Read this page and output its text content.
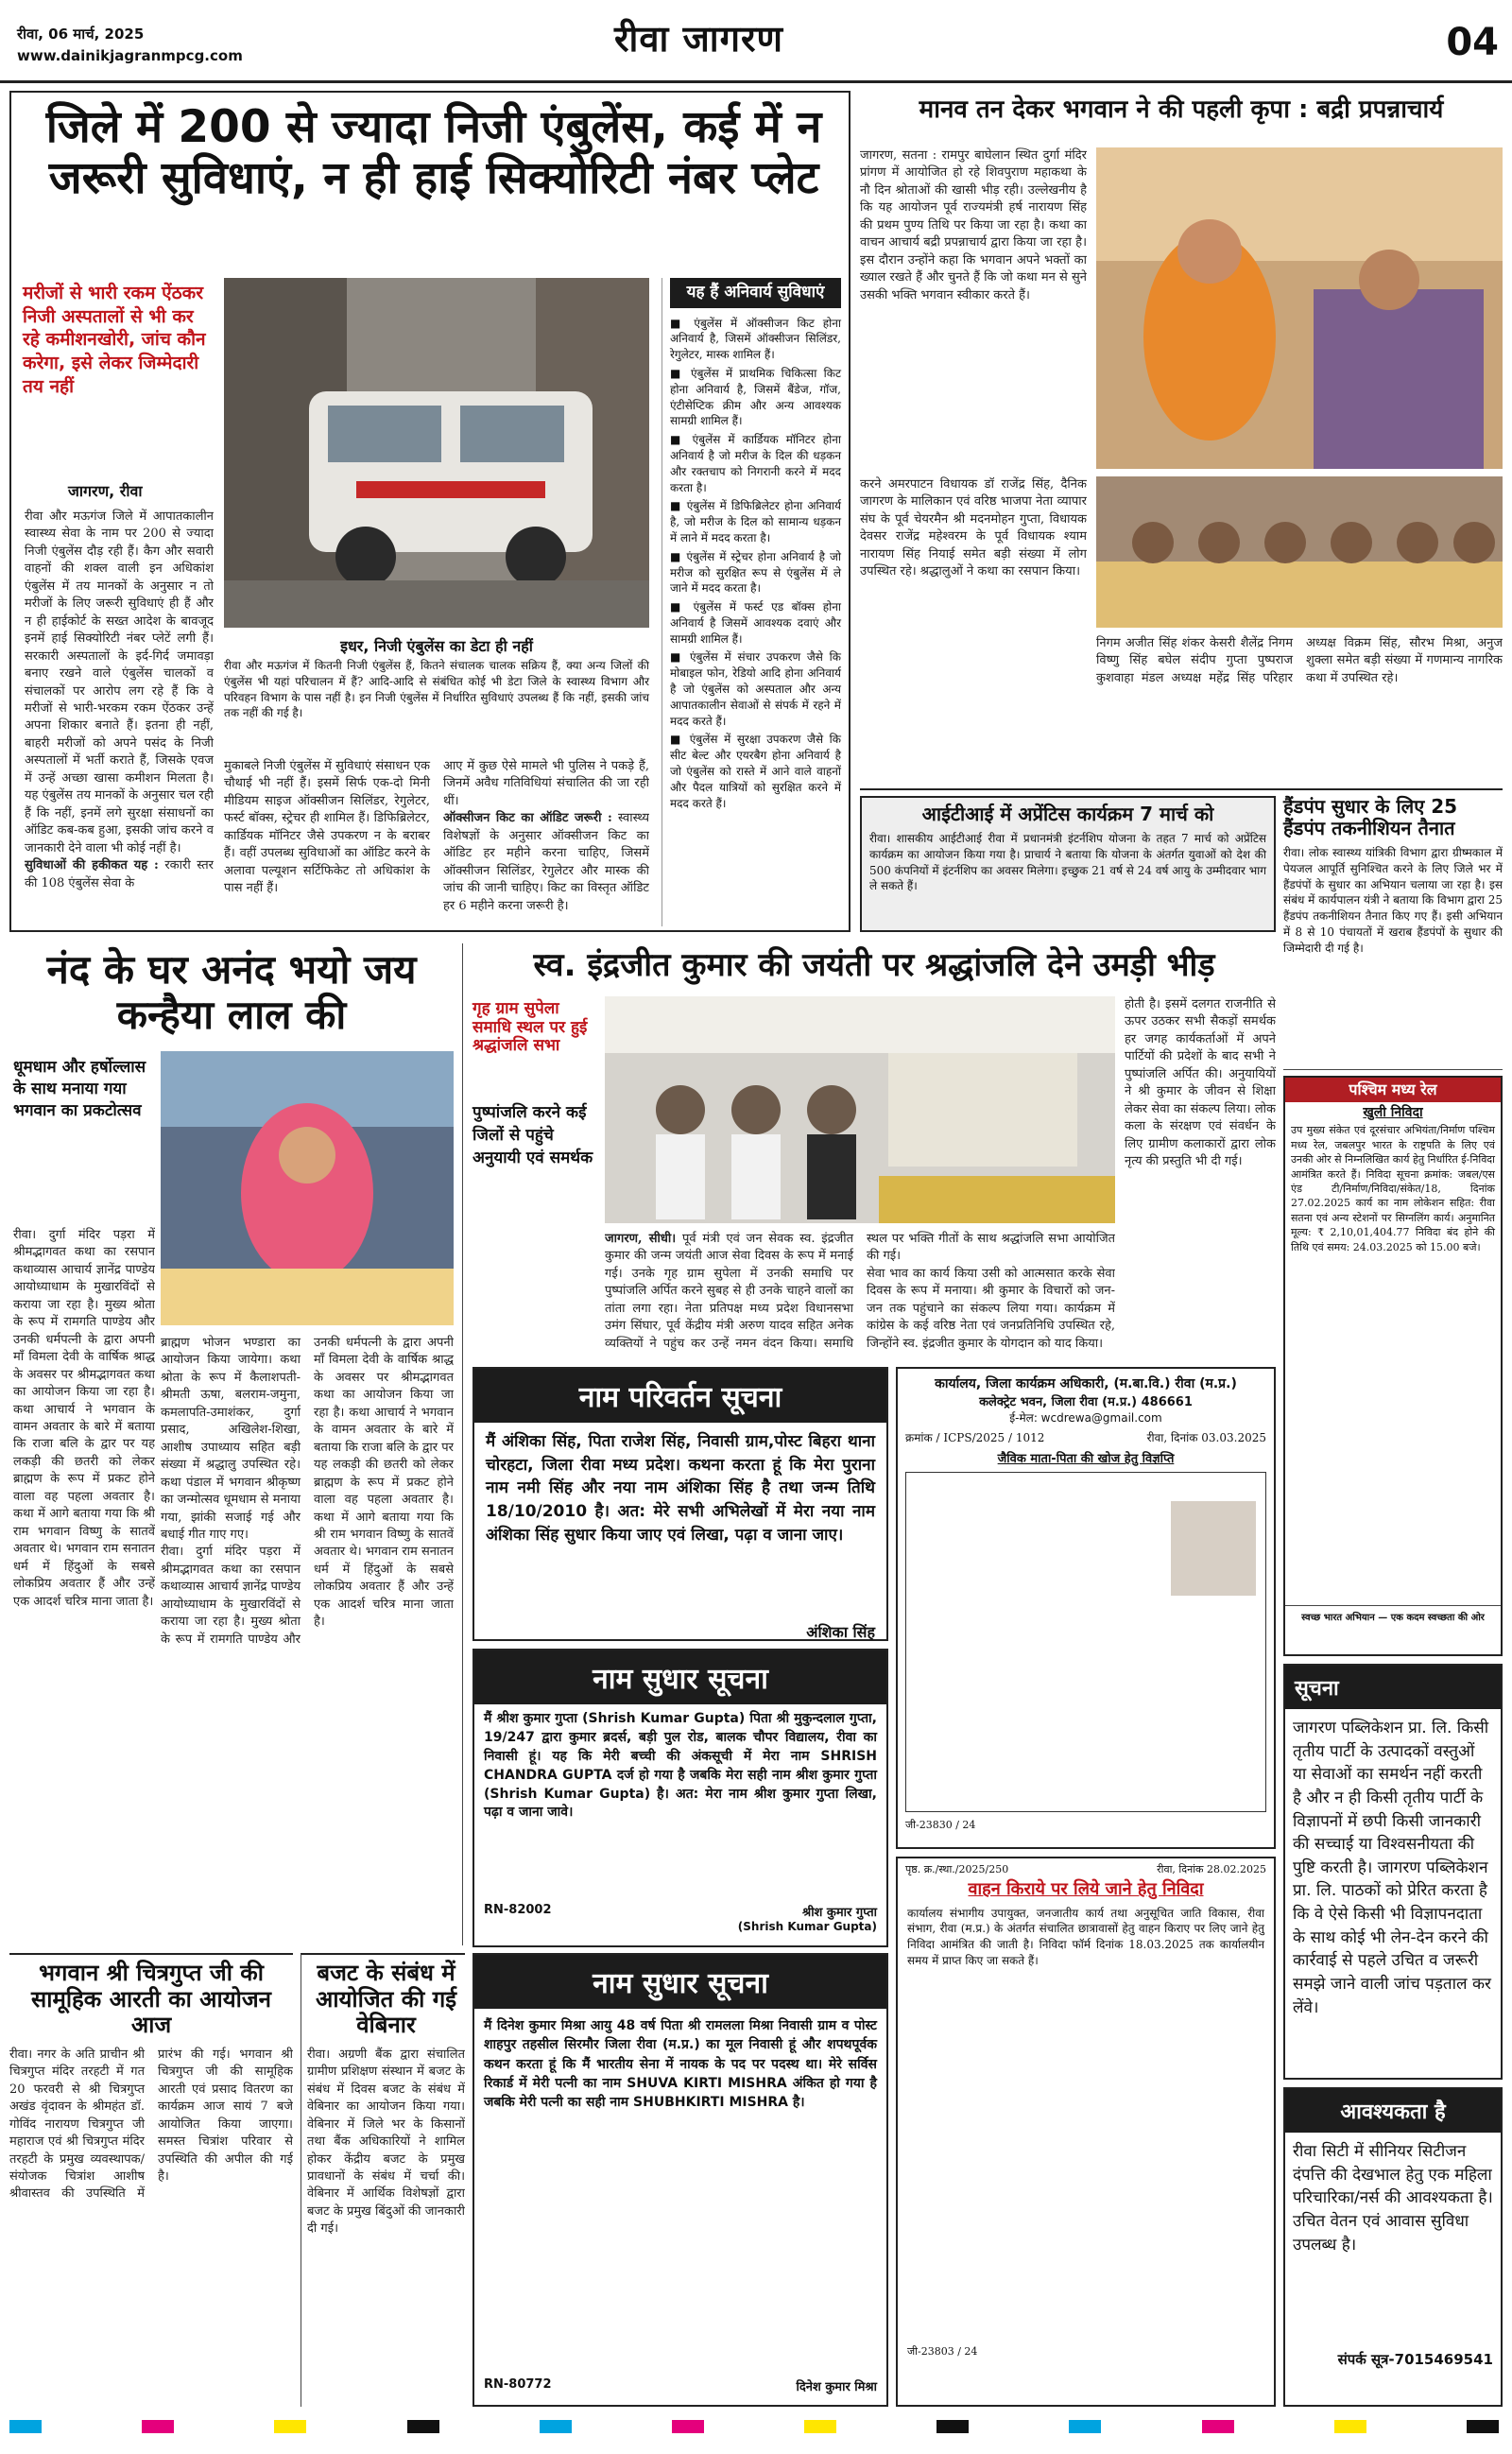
रीवा, 06 मार्च, 2025
www.dainikjagranmpcg.com	रीवा जागरण	04
जिले में 200 से ज्यादा निजी एंबुलेंस, कई में न जरूरी सुविधाएं, न ही हाई सिक्योरिटी नंबर प्लेट
मरीजों से भारी रकम ऐंठकर निजी अस्पतालों से भी कर रहे कमीशनखोरी, जांच कौन करेगा, इसे लेकर जिम्मेदारी तय नहीं
जागरण, रीवा

रीवा और मऊगंज जिले में आपातकालीन स्वास्थ्य सेवा के नाम पर 200 से ज्यादा निजी एंबुलेंस दौड़ रही हैं। कैग और सवारी वाहनों की शक्ल वाली इन अधिकांश एंबुलेंस में तय मानकों के अनुसार न तो मरीजों के लिए जरूरी सुविधाएं ही हैं और न ही हाईकोर्ट के सख्त आदेश के बावजूद इनमें हाई सिक्योरिटी नंबर प्लेटें लगी हैं। सरकारी अस्पतालों के इर्द-गिर्द जमावड़ा बनाए रखने वाले एंबुलेंस चालकों व संचालकों पर आरोप लग रहे हैं कि वे मरीजों से भारी-भरकम रकम ऐंठकर उन्हें अपना शिकार बनाते हैं। इतना ही नहीं, बाहरी मरीजों को अपने पसंद के निजी अस्पतालों में भर्ती कराते हैं, जिसके एवज में उन्हें अच्छा खासा कमीशन मिलता है। यह एंबुलेंस तय मानकों के अनुसार चल रही हैं कि नहीं, इनमें लगे सुरक्षा संसाधनों का ऑडिट कब-कब हुआ, इसकी जांच करने व जानकारी देने वाला भी कोई नहीं है।

सुविधाओं की हकीकत यह : रकारी स्तर की 108 एंबुलेंस सेवा के

इधर, निजी एंबुलेंस का डेटा ही नहीं
रीवा और मऊगंज में कितनी निजी एंबुलेंस हैं, कितने संचालक चालक सक्रिय हैं, क्या अन्य जिलों की एंबुलेंस भी यहां परिचालन में हैं? आदि-आदि से संबंधित कोई भी डेटा जिले के स्वास्थ्य विभाग और परिवहन विभाग के पास नहीं है। इन निजी एंबुलेंस में निर्धारित सुविधाएं उपलब्ध हैं कि नहीं, इसकी जांच तक नहीं की गई है।

मुकाबले निजी एंबुलेंस में सुविधाएं संसाधन एक चौथाई भी नहीं हैं। इसमें सिर्फ एक-दो मिनी मीडियम साइज ऑक्सीजन सिलिंडर, रेगुलेटर, फर्स्ट बॉक्स, स्ट्रेचर ही शामिल हैं। डिफिब्रिलेटर, कार्डियक मॉनिटर जैसे उपकरण न के बराबर हैं। वहीं उपलब्ध सुविधाओं का ऑडिट करने के अलावा पल्यूशन सर्टिफिकेट तो अधिकांश के पास नहीं हैं।

आए में कुछ ऐसे मामले भी पुलिस ने पकड़े हैं, जिनमें अवैध गतिविधियां संचालित की जा रही थीं।

ऑक्सीजन किट का ऑडिट जरूरी : स्वास्थ्य विशेषज्ञों के अनुसार ऑक्सीजन किट का ऑडिट हर महीने करना चाहिए, जिसमें ऑक्सीजन सिलिंडर, रेगुलेटर और मास्क की जांच की जानी चाहिए। किट का विस्तृत ऑडिट हर 6 महीने करना जरूरी है।

यह हैं अनिवार्य सुविधाएं
■ एंबुलेंस में ऑक्सीजन किट होना अनिवार्य है, जिसमें ऑक्सीजन सिलिंडर, रेगुलेटर, मास्क शामिल हैं।
■ एंबुलेंस में प्राथमिक चिकित्सा किट होना अनिवार्य है, जिसमें बैंडेज, गॉज, एंटीसेप्टिक क्रीम और अन्य आवश्यक सामग्री शामिल हैं।
■ एंबुलेंस में कार्डियक मॉनिटर होना अनिवार्य है जो मरीज के दिल की धड़कन और रक्तचाप को निगरानी करने में मदद करता है।
■ एंबुलेंस में डिफिब्रिलेटर होना अनिवार्य है, जो मरीज के दिल को सामान्य धड़कन में लाने में मदद करता है।
■ एंबुलेंस में स्ट्रेचर होना अनिवार्य है जो मरीज को सुरक्षित रूप से एंबुलेंस में ले जाने में मदद करता है।
■ एंबुलेंस में फर्स्ट एड बॉक्स होना अनिवार्य है जिसमें आवश्यक दवाएं और सामग्री शामिल हैं।
■ एंबुलेंस में संचार उपकरण जैसे कि मोबाइल फोन, रेडियो आदि होना अनिवार्य है जो एंबुलेंस को अस्पताल और अन्य आपातकालीन सेवाओं से संपर्क में रहने में मदद करते हैं।
■ एंबुलेंस में सुरक्षा उपकरण जैसे कि सीट बेल्ट और एयरबैग होना अनिवार्य है जो एंबुलेंस को रास्ते में आने वाले वाहनों और पैदल यात्रियों को सुरक्षित करने में मदद करते हैं।
मानव तन देकर भगवान ने की पहली कृपा : बद्री प्रपन्नाचार्य

जागरण, सतना : रामपुर बाघेलान स्थित दुर्गा मंदिर प्रांगण में आयोजित हो रहे शिवपुराण महाकथा के नौ दिन श्रोताओं की खासी भीड़ रही। उल्लेखनीय है कि यह आयोजन पूर्व राज्यमंत्री हर्ष नारायण सिंह की प्रथम पुण्य तिथि पर किया जा रहा है। कथा का वाचन आचार्य बद्री प्रपन्नाचार्य द्वारा किया जा रहा है। इस दौरान उन्होंने कहा कि भगवान अपने भक्तों का ख्याल रखते हैं और चुनते हैं कि जो कथा मन से सुने उसकी भक्ति भगवान स्वीकार करते हैं।

करने अमरपाटन विधायक डॉ राजेंद्र सिंह, दैनिक जागरण के मालिकान एवं वरिष्ठ भाजपा नेता व्यापार संघ के पूर्व चेयरमैन श्री मदनमोहन गुप्ता, विधायक देवसर राजेंद्र महेश्वरम के पूर्व विधायक श्याम नारायण सिंह नियाई समेत बड़ी संख्या में लोग उपस्थित रहे। श्रद्धालुओं ने कथा का रसपान किया।

निगम अजीत सिंह शंकर केसरी शैलेंद्र निगम विष्णु सिंह बघेल संदीप गुप्ता पुष्पराज कुशवाहा मंडल अध्यक्ष महेंद्र सिंह परिहार अध्यक्ष विक्रम सिंह, सौरभ मिश्रा, अनुज शुक्ला समेत बड़ी संख्या में गणमान्य नागरिक कथा में उपस्थित रहे।

आईटीआई में अप्रेंटिस कार्यक्रम 7 मार्च को
रीवा। शासकीय आईटीआई रीवा में प्रधानमंत्री इंटर्नशिप योजना के तहत 7 मार्च को अप्रेंटिस कार्यक्रम का आयोजन किया गया है। प्राचार्य ने बताया कि योजना के अंतर्गत युवाओं को देश की 500 कंपनियों में इंटर्नशिप का अवसर मिलेगा। इच्छुक 21 वर्ष से 24 वर्ष आयु के उम्मीदवार भाग ले सकते हैं।
हैंडपंप सुधार के लिए 25 हैंडपंप तकनीशियन तैनात
रीवा। लोक स्वास्थ्य यांत्रिकी विभाग द्वारा ग्रीष्मकाल में पेयजल आपूर्ति सुनिश्चित करने के लिए जिले भर में हैंडपंपों के सुधार का अभियान चलाया जा रहा है। इस संबंध में कार्यपालन यंत्री ने बताया कि विभाग द्वारा 25 हैंडपंप तकनीशियन तैनात किए गए हैं। इसी अभियान में 8 से 10 पंचायतों में खराब हैंडपंपों के सुधार की जिम्मेदारी दी गई है।
नंद के घर अनंद भयो जय कन्हैया लाल की
धूमधाम और हर्षोल्लास के साथ मनाया गया भगवान का प्रकटोत्सव

रीवा। दुर्गा मंदिर पड़रा में श्रीमद्भागवत कथा का रसपान कथाव्यास आचार्य ज्ञानेंद्र पाण्डेय आयोध्याधाम के मुखारविंदों से कराया जा रहा है। मुख्य श्रोता के रूप में रामगति पाण्डेय और उनकी धर्मपत्नी के द्वारा अपनी माँ विमला देवी के वार्षिक श्राद्ध के अवसर पर श्रीमद्भागवत कथा का आयोजन किया जा रहा है। कथा आचार्य ने भगवान के वामन अवतार के बारे में बताया कि राजा बलि के द्वार पर यह लकड़ी की छतरी को लेकर ब्राह्मण के रूप में प्रकट होने वाला वह पहला अवतार है। कथा में आगे बताया गया कि श्री राम भगवान विष्णु के सातवें अवतार थे। भगवान राम सनातन धर्म में हिंदुओं के सबसे लोकप्रिय अवतार हैं और उन्हें एक आदर्श चरित्र माना जाता है।

ब्राह्मण भोजन भण्डारा का आयोजन किया जायेगा। कथा श्रोता के रूप में कैलाशपती-श्रीमती ऊषा, बलराम-जमुना, कमलापति-उमाशंकर, दुर्गा प्रसाद, अखिलेश-शिखा, आशीष उपाध्याय सहित बड़ी संख्या में श्रद्धालु उपस्थित रहे। कथा पंडाल में भगवान श्रीकृष्ण का जन्मोत्सव धूमधाम से मनाया गया, झांकी सजाई गई और बधाई गीत गाए गए।

रीवा। दुर्गा मंदिर पड़रा में श्रीमद्भागवत कथा का रसपान कथाव्यास आचार्य ज्ञानेंद्र पाण्डेय आयोध्याधाम के मुखारविंदों से कराया जा रहा है। मुख्य श्रोता के रूप में रामगति पाण्डेय और उनकी धर्मपत्नी के द्वारा अपनी माँ विमला देवी के वार्षिक श्राद्ध के अवसर पर श्रीमद्भागवत कथा का आयोजन किया जा रहा है। कथा आचार्य ने भगवान के वामन अवतार के बारे में बताया कि राजा बलि के द्वार पर यह लकड़ी की छतरी को लेकर ब्राह्मण के रूप में प्रकट होने वाला वह पहला अवतार है। कथा में आगे बताया गया कि श्री राम भगवान विष्णु के सातवें अवतार थे। भगवान राम सनातन धर्म में हिंदुओं के सबसे लोकप्रिय अवतार हैं और उन्हें एक आदर्श चरित्र माना जाता है।

स्व. इंद्रजीत कुमार की जयंती पर श्रद्धांजलि देने उमड़ी भीड़
गृह ग्राम सुपेला समाधि स्थल पर हुई श्रद्धांजलि सभा
पुष्पांजलि करने कई जिलों से पहुंचे अनुयायी एवं समर्थक

होती है। इसमें दलगत राजनीति से ऊपर उठकर सभी सैकड़ों समर्थक हर जगह कार्यकर्ताओं में अपने पार्टियों की प्रदेशों के बाद सभी ने पुष्पांजलि अर्पित की। अनुयायियों ने श्री कुमार के जीवन से शिक्षा लेकर सेवा का संकल्प लिया। लोक कला के संरक्षण एवं संवर्धन के लिए ग्रामीण कलाकारों द्वारा लोक नृत्य की प्रस्तुति भी दी गई।

जागरण, सीधी। पूर्व मंत्री एवं जन सेवक स्व. इंद्रजीत कुमार की जन्म जयंती आज सेवा दिवस के रूप में मनाई गई। उनके गृह ग्राम सुपेला में उनकी समाधि पर पुष्पांजलि अर्पित करने सुबह से ही उनके चाहने वालों का तांता लगा रहा। नेता प्रतिपक्ष मध्य प्रदेश विधानसभा उमंग सिंघार, पूर्व केंद्रीय मंत्री अरुण यादव सहित अनेक व्यक्तियों ने पहुंच कर उन्हें नमन वंदन किया। समाधि स्थल पर भक्ति गीतों के साथ श्रद्धांजलि सभा आयोजित की गई।

सेवा भाव का कार्य किया उसी को आत्मसात करके सेवा दिवस के रूप में मनाया। श्री कुमार के विचारों को जन-जन तक पहुंचाने का संकल्प लिया गया। कार्यक्रम में कांग्रेस के कई वरिष्ठ नेता एवं जनप्रतिनिधि उपस्थित रहे, जिन्होंने स्व. इंद्रजीत कुमार के योगदान को याद किया।

पश्चिम मध्य रेल
खुली निविदा
उप मुख्य संकेत एवं दूरसंचार अभियंता/निर्माण पश्चिम मध्य रेल, जबलपुर भारत के राष्ट्रपति के लिए एवं उनकी ओर से निम्नलिखित कार्य हेतु निर्धारित ई-निविदा आमंत्रित करते हैं। निविदा सूचना क्रमांक: जबल/एस एंड टी/निर्माण/निविदा/संकेत/18, दिनांक 27.02.2025 कार्य का नाम लोकेशन सहित: रीवा सतना एवं अन्य स्टेशनों पर सिग्नलिंग कार्य। अनुमानित मूल्य: ₹ 2,10,01,404.77 निविदा बंद होने की तिथि एवं समय: 24.03.2025 को 15.00 बजे।
स्वच्छ भारत अभियान — एक कदम स्वच्छता की ओर
नाम परिवर्तन सूचना
मैं अंशिका सिंह, पिता राजेश सिंह, निवासी ग्राम,पोस्ट बिहरा थाना चोरहटा, जिला रीवा मध्य प्रदेश। कथना करता हूं कि मेरा पुराना नाम नमी सिंह और नया नाम अंशिका सिंह है तथा जन्म तिथि 18/10/2010 है। अत: मेरे सभी अभिलेखों में मेरा नया नाम अंशिका सिंह सुधार किया जाए एवं लिखा, पढ़ा व जाना जाए।
अंशिका सिंह
कार्यालय, जिला कार्यक्रम अधिकारी, (म.बा.वि.) रीवा (म.प्र.)
कलेक्ट्रेट भवन, जिला रीवा (म.प्र.) 486661
ई-मेल: wcdrewa@gmail.com
क्रमांक / ICPS/2025 / 1012	रीवा, दिनांक 03.03.2025
जैविक माता-पिता की खोज हेतु विज्ञप्ति
जी-23830 / 24
नाम सुधार सूचना
मैं श्रीश कुमार गुप्ता (Shrish Kumar Gupta) पिता श्री मुकुन्दलाल गुप्ता, 19/247 द्वारा कुमार ब्रदर्स, बड़ी पुल रोड, बालक चौपर विद्यालय, रीवा का निवासी हूं। यह कि मेरी बच्ची की अंकसूची में मेरा नाम SHRISH CHANDRA GUPTA दर्ज हो गया है जबकि मेरा सही नाम श्रीश कुमार गुप्ता (Shrish Kumar Gupta) है। अत: मेरा नाम श्रीश कुमार गुप्ता लिखा, पढ़ा व जाना जावे।
RN-82002	श्रीश कुमार गुप्ता
(Shrish Kumar Gupta)
भगवान श्री चित्रगुप्त जी की सामूहिक आरती का आयोजन आज
रीवा। नगर के अति प्राचीन श्री चित्रगुप्त मंदिर तरहटी में गत 20 फरवरी से श्री चित्रगुप्त अखंड वृंदावन के श्रीमहंत डॉ. गोविंद नारायण चित्रगुप्त जी महाराज एवं श्री चित्रगुप्त मंदिर तरहटी के प्रमुख व्यवस्थापक/संयोजक चित्रांश आशीष श्रीवास्तव की उपस्थिति में प्रारंभ की गई। भगवान श्री चित्रगुप्त जी की सामूहिक आरती एवं प्रसाद वितरण का कार्यक्रम आज सायं 7 बजे आयोजित किया जाएगा। समस्त चित्रांश परिवार से उपस्थिति की अपील की गई है।
बजट के संबंध में आयोजित की गई वेबिनार
रीवा। अग्रणी बैंक द्वारा संचालित ग्रामीण प्रशिक्षण संस्थान में बजट के संबंध में दिवस बजट के संबंध में वेबिनार का आयोजन किया गया। वेबिनार में जिले भर के किसानों तथा बैंक अधिकारियों ने शामिल होकर केंद्रीय बजट के प्रमुख प्रावधानों के संबंध में चर्चा की। वेबिनार में आर्थिक विशेषज्ञों द्वारा बजट के प्रमुख बिंदुओं की जानकारी दी गई।
नाम सुधार सूचना
मैं दिनेश कुमार मिश्रा आयु 48 वर्ष पिता श्री रामलला मिश्रा निवासी ग्राम व पोस्ट शाहपुर तहसील सिरमौर जिला रीवा (म.प्र.) का मूल निवासी हूं और शपथपूर्वक कथन करता हूं कि मैं भारतीय सेना में नायक के पद पर पदस्थ था। मेरे सर्विस रिकार्ड में मेरी पत्नी का नाम SHUVA KIRTI MISHRA अंकित हो गया है जबकि मेरी पत्नी का सही नाम SHUBHKIRTI MISHRA है।
RN-80772	दिनेश कुमार मिश्रा
पृष्ठ. क्र./स्था./2025/250	रीवा, दिनांक 28.02.2025
वाहन किराये पर लिये जाने हेतु निविदा
कार्यालय संभागीय उपायुक्त, जनजातीय कार्य तथा अनुसूचित जाति विकास, रीवा संभाग, रीवा (म.प्र.) के अंतर्गत संचालित छात्रावासों हेतु वाहन किराए पर लिए जाने हेतु निविदा आमंत्रित की जाती है। निविदा फॉर्म दिनांक 18.03.2025 तक कार्यालयीन समय में प्राप्त किए जा सकते हैं।
जी-23803 / 24
सूचना
जागरण पब्लिकेशन प्रा. लि. किसी तृतीय पार्टी के उत्पादकों वस्तुओं या सेवाओं का समर्थन नहीं करती है और न ही किसी तृतीय पार्टी के विज्ञापनों में छपी किसी जानकारी की सच्चाई या विश्वसनीयता की पुष्टि करती है। जागरण पब्लिकेशन प्रा. लि. पाठकों को प्रेरित करता है कि वे ऐसे किसी भी विज्ञापनदाता के साथ कोई भी लेन-देन करने की कार्रवाई से पहले उचित व जरूरी समझे जाने वाली जांच पड़ताल कर लेंवे।
आवश्यकता है
रीवा सिटी में सीनियर सिटीजन दंपत्ति की देखभाल हेतु एक महिला परिचारिका/नर्स की आवश्यकता है। उचित वेतन एवं आवास सुविधा उपलब्ध है।
संपर्क सूत्र-7015469541
